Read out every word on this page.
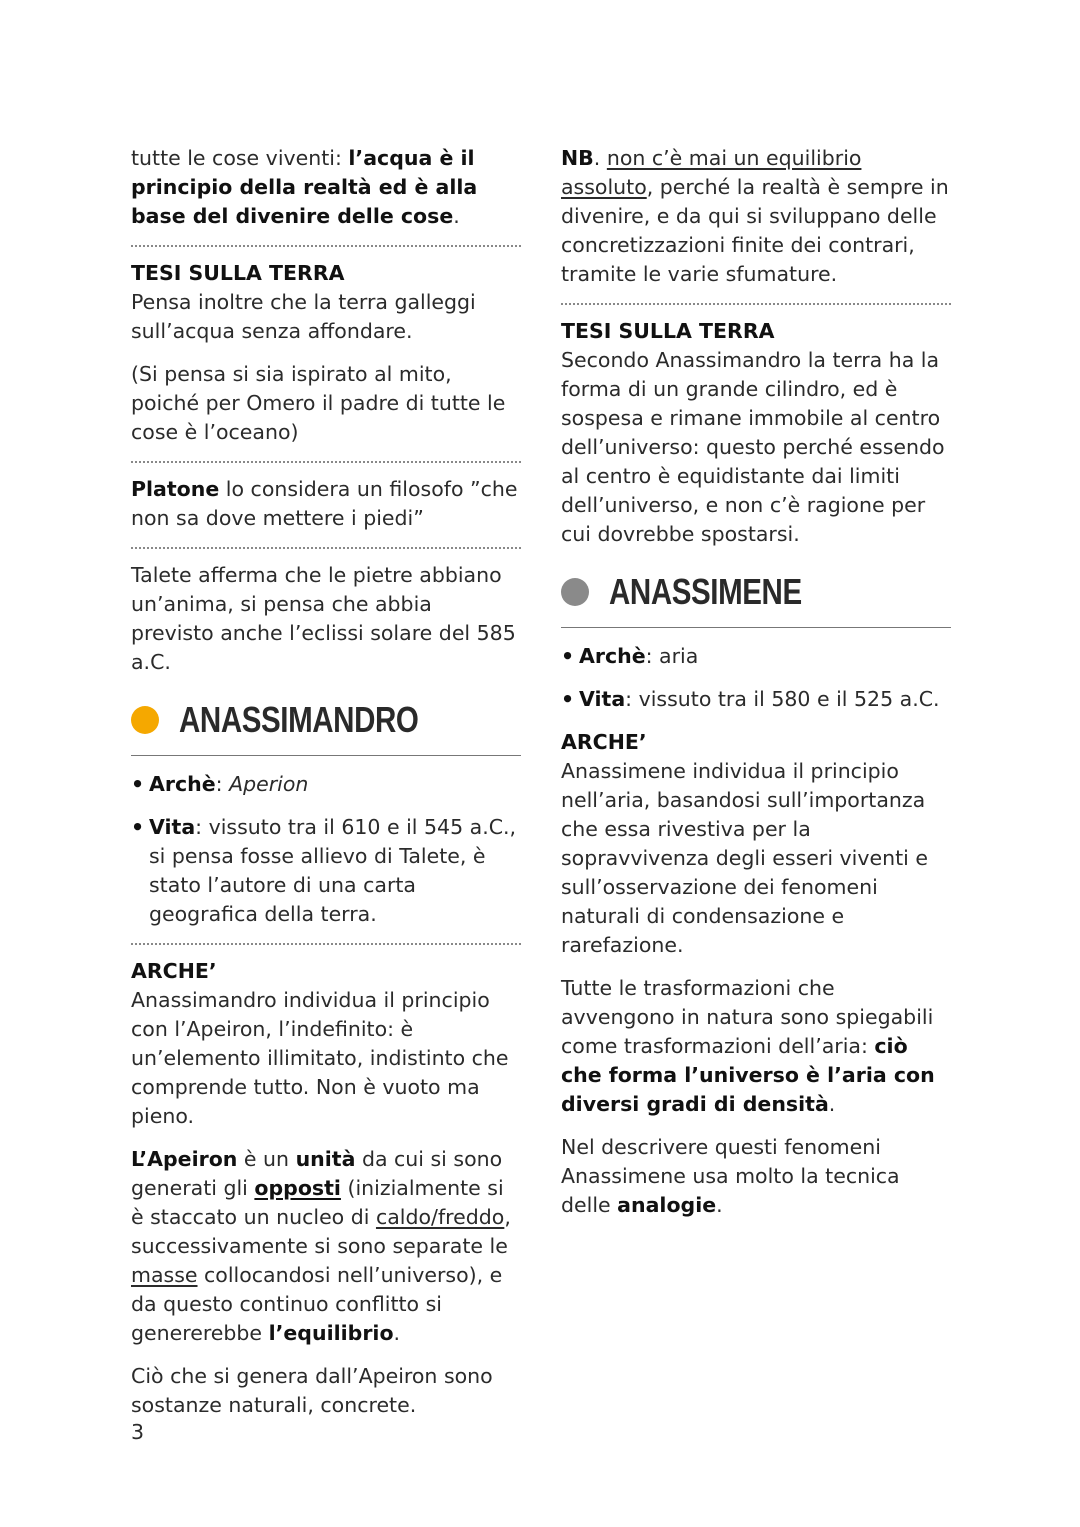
tutte le cose viventi: l’acqua è il principio della realtà ed è alla base del divenire delle cose.

TESI SULLA TERRA

Pensa inoltre che la terra galleggi sull’acqua senza affondare.

(Si pensa si sia ispirato al mito, poiché per Omero il padre di tutte le cose è l’oceano)

Platone lo considera un filosofo ”che non sa dove mettere i piedi”

Talete afferma che le pietre abbiano un’anima, si pensa che abbia previsto anche l’eclissi solare del 585 a.C.

ANASSIMANDRO
• Archè: Aperion
• Vita: vissuto tra il 610 e il 545 a.C., si pensa fosse allievo di Talete, è stato l’autore di una carta geografica della terra.

ARCHE’

Anassimandro individua il principio con l’Apeiron, l’indefinito: è un’elemento illimitato, indistinto che comprende tutto. Non è vuoto ma pieno.

L’Apeiron è un unità da cui si sono generati gli opposti (inizialmente si è staccato un nucleo di caldo/freddo, successivamente si sono separate le masse collocandosi nell’universo), e da questo continuo conflitto si genererebbe l’equilibrio.

Ciò che si genera dall’Apeiron sono sostanze naturali, concrete.

NB. non c’è mai un equilibrio assoluto, perché la realtà è sempre in divenire, e da qui si sviluppano delle concretizzazioni finite dei contrari, tramite le varie sfumature.

TESI SULLA TERRA

Secondo Anassimandro la terra ha la forma di un grande cilindro, ed è sospesa e rimane immobile al centro dell’universo: questo perché essendo al centro è equidistante dai limiti dell’universo, e non c’è ragione per cui dovrebbe spostarsi.

ANASSIMENE
• Archè: aria
• Vita: vissuto tra il 580 e il 525 a.C.

ARCHE’

Anassimene individua il principio nell’aria, basandosi sull’importanza che essa rivestiva per la sopravvivenza degli esseri viventi e sull’osservazione dei fenomeni naturali di condensazione e rarefazione.

Tutte le trasformazioni che avvengono in natura sono spiegabili come trasformazioni dell’aria: ciò che forma l’universo è l’aria con diversi gradi di densità.

Nel descrivere questi fenomeni Anassimene usa molto la tecnica delle analogie.

3
